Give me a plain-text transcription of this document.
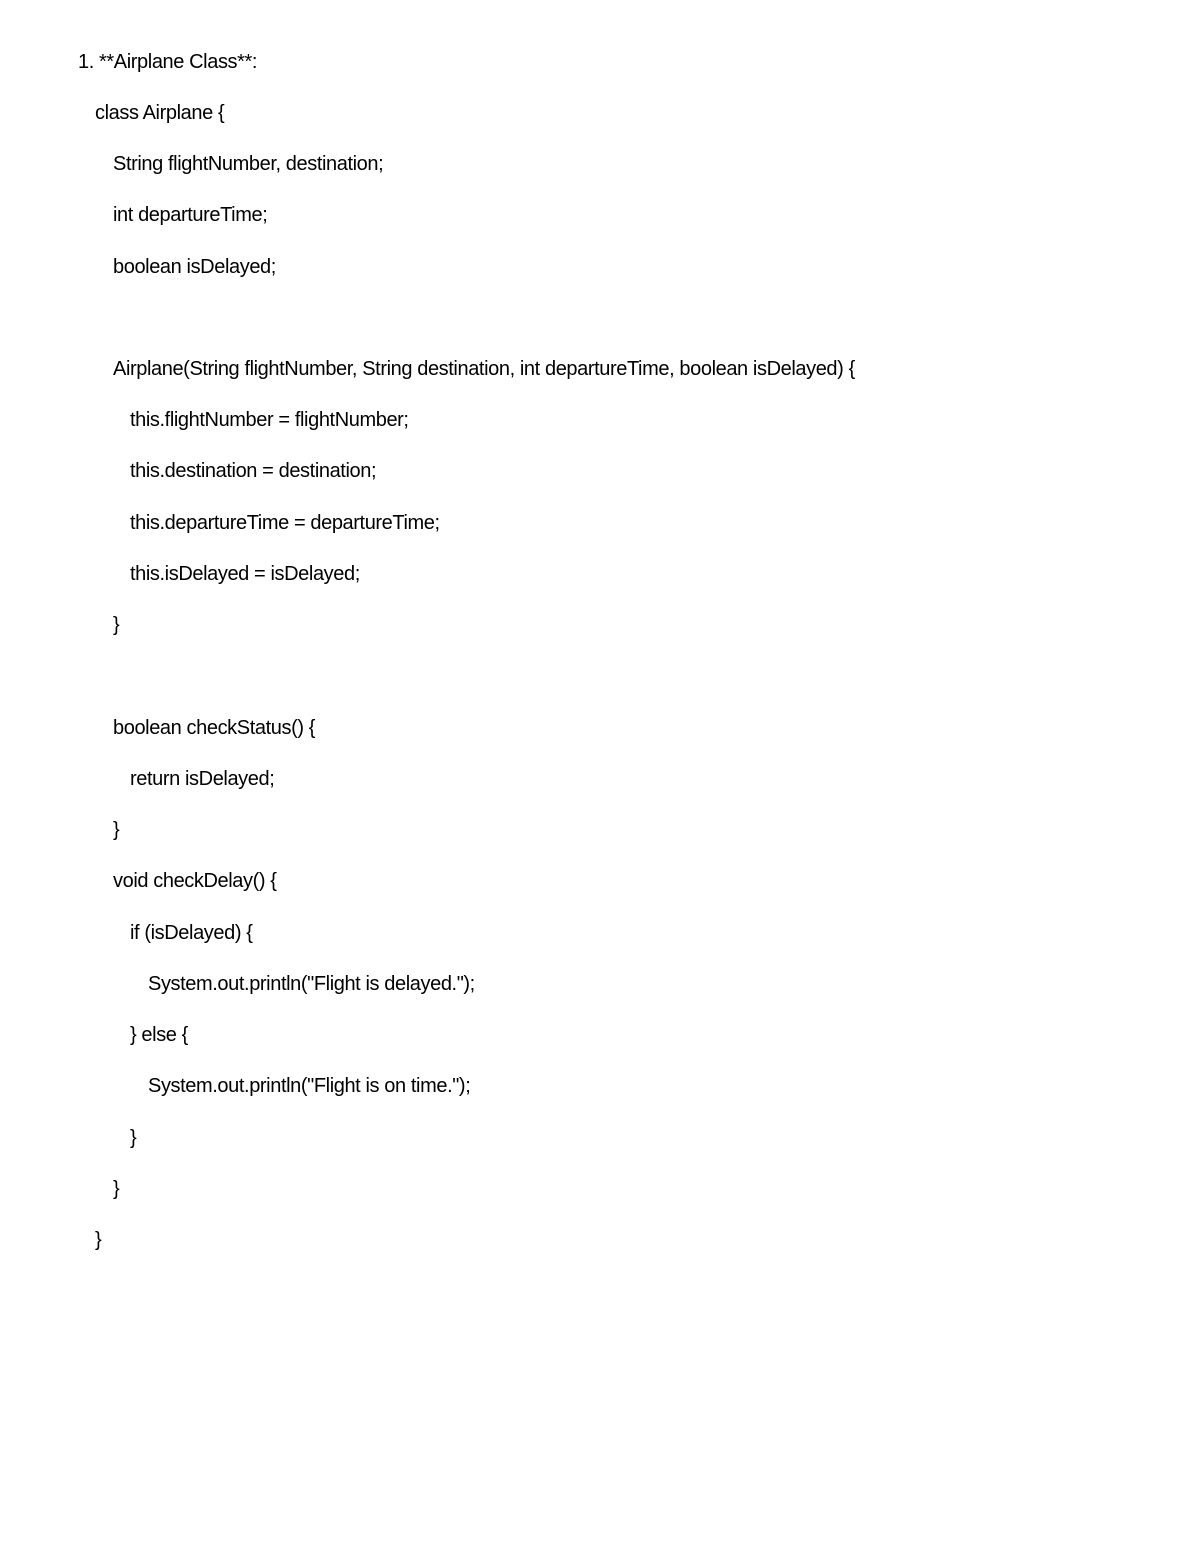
1. **Airplane Class**:
class Airplane {
String flightNumber, destination;
int departureTime;
boolean isDelayed;
Airplane(String flightNumber, String destination, int departureTime, boolean isDelayed) {
this.flightNumber = flightNumber;
this.destination = destination;
this.departureTime = departureTime;
this.isDelayed = isDelayed;
}
boolean checkStatus() {
return isDelayed;
}
void checkDelay() {
if (isDelayed) {
System.out.println("Flight is delayed.");
} else {
System.out.println("Flight is on time.");
}
}
}
